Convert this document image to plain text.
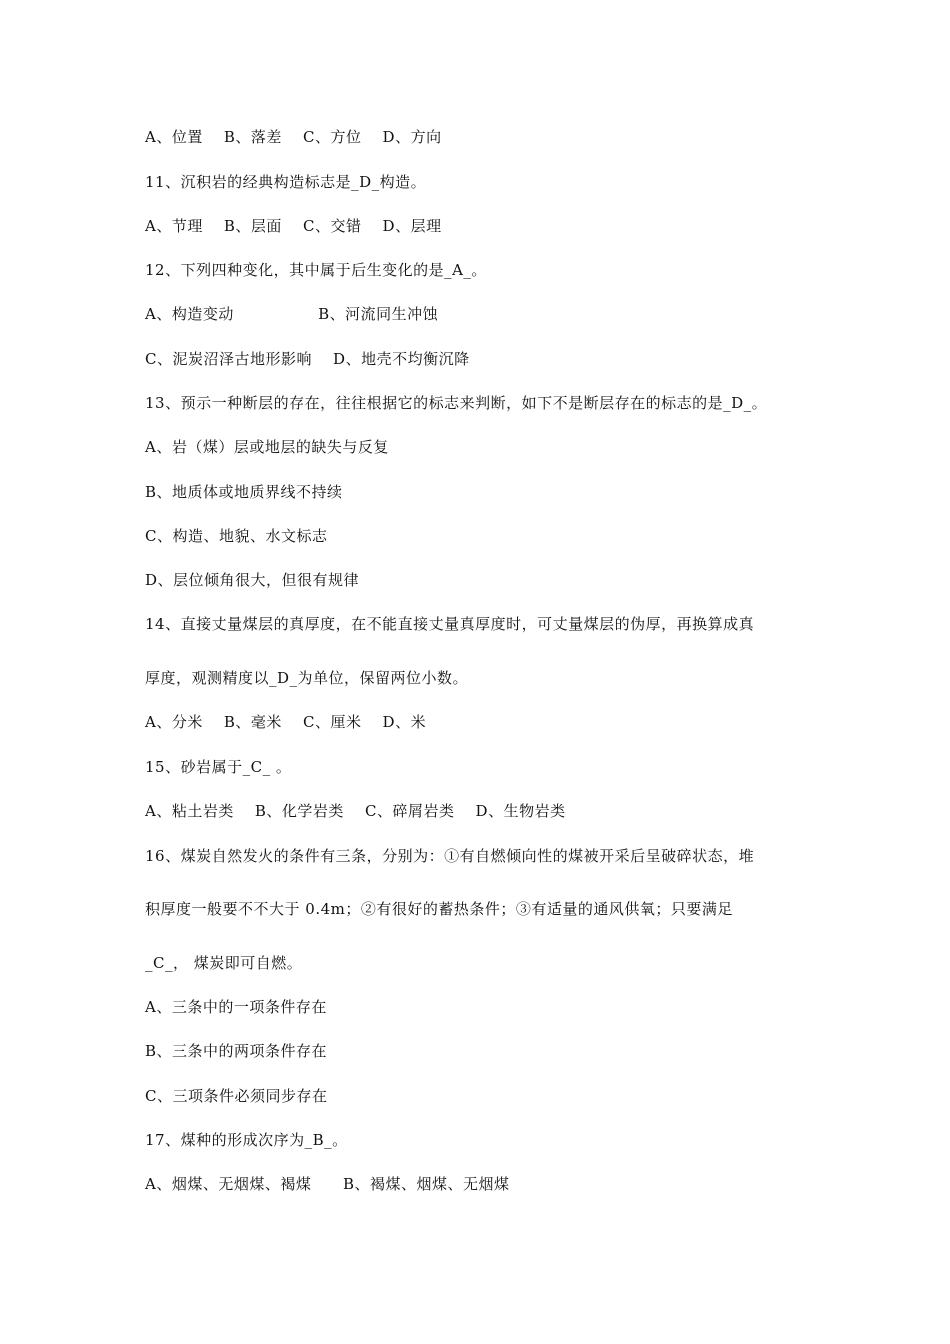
A、位置    B、落差    C、方位    D、方向
11、沉积岩的经典构造标志是_D_构造。
A、节理    B、层面    C、交错    D、层理
12、下列四种变化，其中属于后生变化的是_A_。
A、构造变动                B、河流同生冲蚀
C、泥炭沼泽古地形影响    D、地壳不均衡沉降
13、预示一种断层的存在，往往根据它的标志来判断，如下不是断层存在的标志的是_D_。
A、岩（煤）层或地层的缺失与反复
B、地质体或地质界线不持续
C、构造、地貌、水文标志
D、层位倾角很大，但很有规律
14、直接丈量煤层的真厚度，在不能直接丈量真厚度时，可丈量煤层的伪厚，再换算成真
厚度，观测精度以_D_为单位，保留两位小数。
A、分米    B、毫米    C、厘米    D、米
15、砂岩属于_C_ 。
A、粘土岩类    B、化学岩类    C、碎屑岩类    D、生物岩类
16、煤炭自然发火的条件有三条，分别为：①有自燃倾向性的煤被开采后呈破碎状态，堆
积厚度一般要不不大于 0.4m；②有很好的蓄热条件；③有适量的通风供氧；只要满足
_C_， 煤炭即可自燃。
A、三条中的一项条件存在
B、三条中的两项条件存在
C、三项条件必须同步存在
17、煤种的形成次序为_B_。
A、烟煤、无烟煤、褐煤      B、褐煤、烟煤、无烟煤
